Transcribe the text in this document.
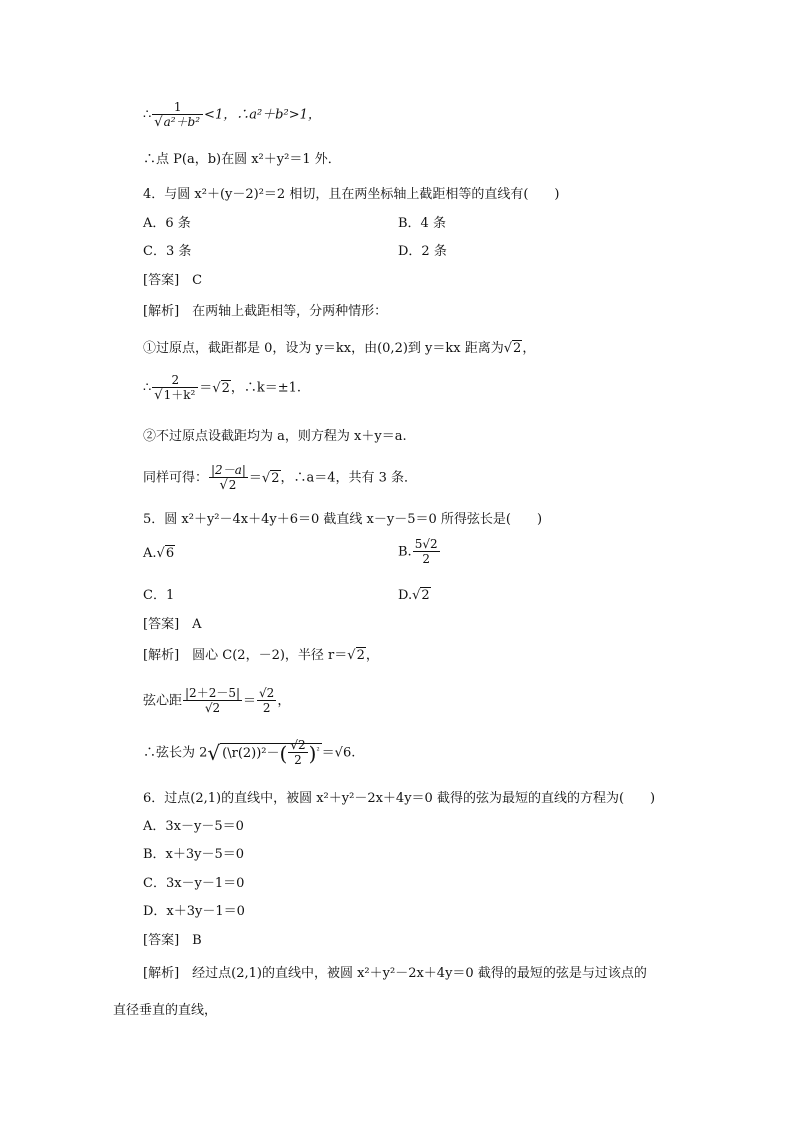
∴ $\frac{1}{\text{√a²＋b²}} <1$，∴a²＋b²>1，
∴点 P(a，b)在圆 x²＋y²＝1 外．
4．与圆 x²＋(y－2)²＝2 相切，且在两坐标轴上截距相等的直线有(　　)
A．6 条	B．4 条
C．3 条	D．2 条
[答案]　C
[解析]　在两轴上截距相等，分两种情形：
①过原点，截距都是 0，设为 y＝kx，由(0,2)到 y＝kx 距离为√2，
∴ $\frac{2}{\text{√1＋k²}} =√2$，∴k＝±1.
②不过原点设截距均为 a，则方程为 x＋y＝a.
同样可得： $\frac{|2-a|}{√2} =√2$，∴a＝4，共有 3 条．
5．圆 x²＋y²－4x＋4y＋6＝0 截直线 x－y－5＝0 所得弦长是(　　)
A.√6	B. $\frac{5√2}{2}$
C．1	D.√2
[答案]　A
[解析]　圆心 C(2，－2)，半径 r＝√2，
弦心距 $\frac{|2+2-5|}{√2} = \frac{√2}{2}$ ，
∴弦长为 2√ (\r(2))²－( $\frac{√2}{2} )^{^2} =√6$.
6．过点(2,1)的直线中，被圆 x²＋y²－2x＋4y＝0 截得的弦为最短的直线的方程为(　　)
A．3x－y－5＝0
B．x＋3y－5＝0
C．3x－y－1＝0
D．x＋3y－1＝0
[答案]　B
[解析]　经过点(2,1)的直线中，被圆 x²＋y²－2x＋4y＝0 截得的最短的弦是与过该点的
直径垂直的直线，
